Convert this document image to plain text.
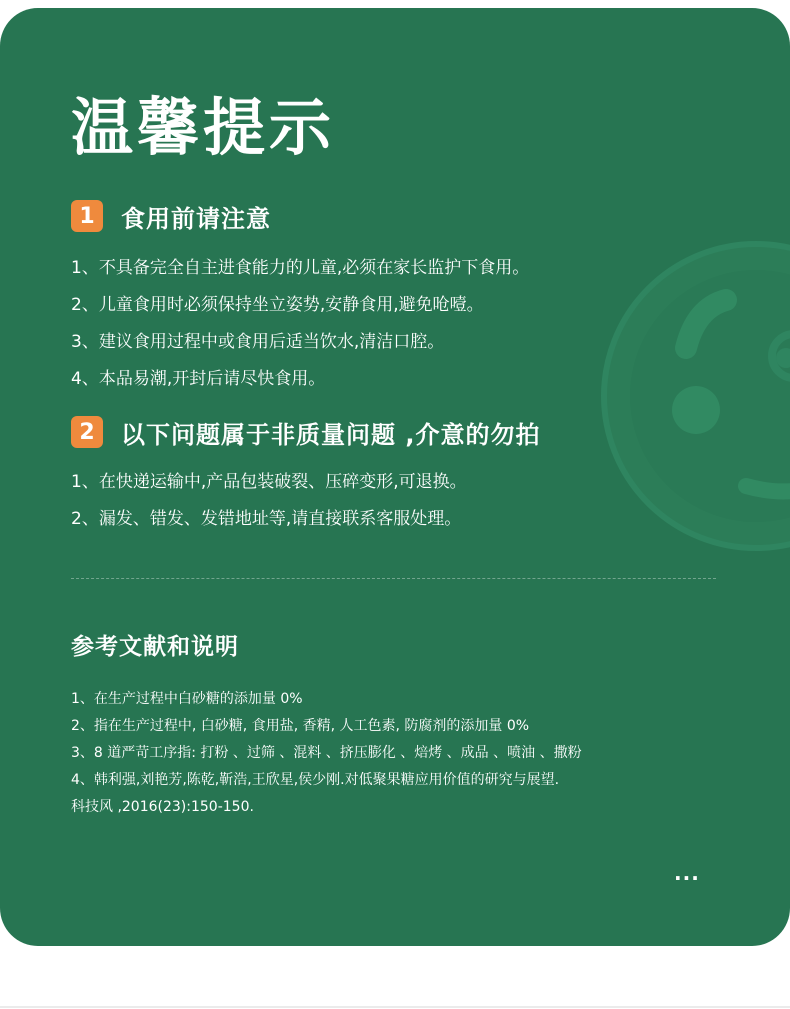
温馨提示
1	食用前请注意
1、不具备完全自主进食能力的儿童,必须在家长监护下食用。
2、儿童食用时必须保持坐立姿势,安静食用,避免呛噎。
3、建议食用过程中或食用后适当饮水,清洁口腔。
4、本品易潮,开封后请尽快食用。
2	以下问题属于非质量问题 ,介意的勿拍
1、在快递运输中,产品包装破裂、压碎变形,可退换。
2、漏发、错发、发错地址等,请直接联系客服处理。
参考文献和说明
1、在生产过程中白砂糖的添加量 0%
2、指在生产过程中, 白砂糖, 食用盐, 香精, 人工色素, 防腐剂的添加量 0%
3、8 道严苛工序指: 打粉 、过筛 、混料 、挤压膨化 、焙烤 、成品 、喷油 、撒粉
4、韩利强,刘艳芳,陈乾,靳浩,王欣星,侯少刚.对低聚果糖应用价值的研究与展望.
科技风 ,2016(23):150-150.
···
